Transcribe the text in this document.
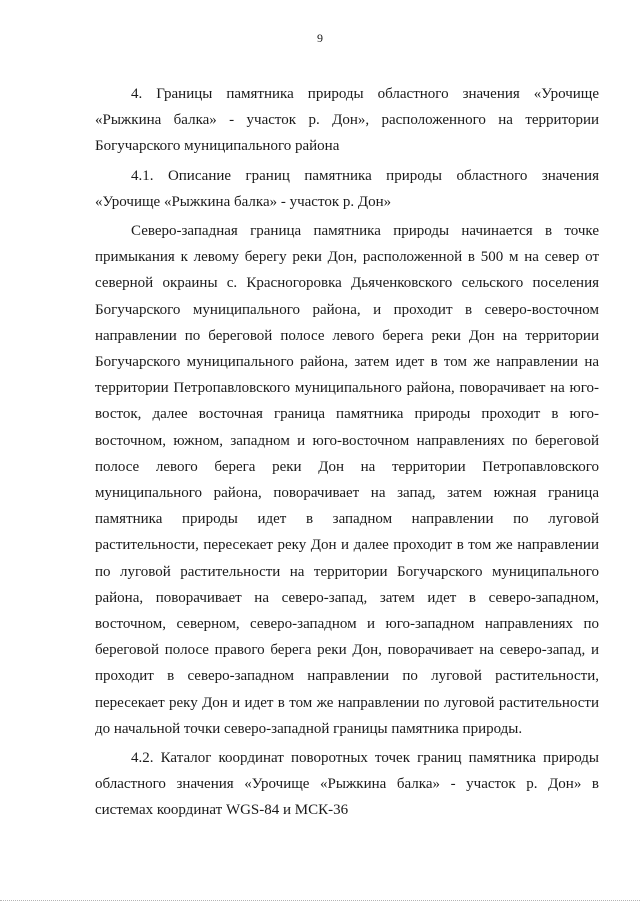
9
4. Границы памятника природы областного значения «Урочище
«Рыжкина балка» - участок р. Дон», расположенного на территории
Богучарского муниципального района
4.1. Описание границ памятника природы областного значения
«Урочище «Рыжкина балка» - участок р. Дон»
Северо-западная граница памятника природы начинается в точке
примыкания к левому берегу реки Дон, расположенной в 500 м на север от
северной окраины с. Красногоровка Дьяченковского сельского поселения
Богучарского муниципального района, и проходит в северо-восточном
направлении по береговой полосе левого берега реки Дон на территории
Богучарского муниципального района, затем идет в том же направлении на
территории Петропавловского муниципального района, поворачивает на юго-
восток, далее восточная граница памятника природы проходит в юго-
восточном, южном, западном и юго-восточном направлениях по береговой
полосе левого берега реки Дон на территории Петропавловского
муниципального района, поворачивает на запад, затем южная граница
памятника природы идет в западном направлении по луговой
растительности, пересекает реку Дон и далее проходит в том же направлении
по луговой растительности на территории Богучарского муниципального
района, поворачивает на северо-запад, затем идет в северо-западном,
восточном, северном, северо-западном и юго-западном направлениях по
береговой полосе правого берега реки Дон, поворачивает на северо-запад, и
проходит в северо-западном направлении по луговой растительности,
пересекает реку Дон и идет в том же направлении по луговой растительности
до начальной точки северо-западной границы памятника природы.
4.2. Каталог координат поворотных точек границ памятника природы
областного значения «Урочище «Рыжкина балка» - участок р. Дон» в
системах координат WGS-84 и МСК-36
